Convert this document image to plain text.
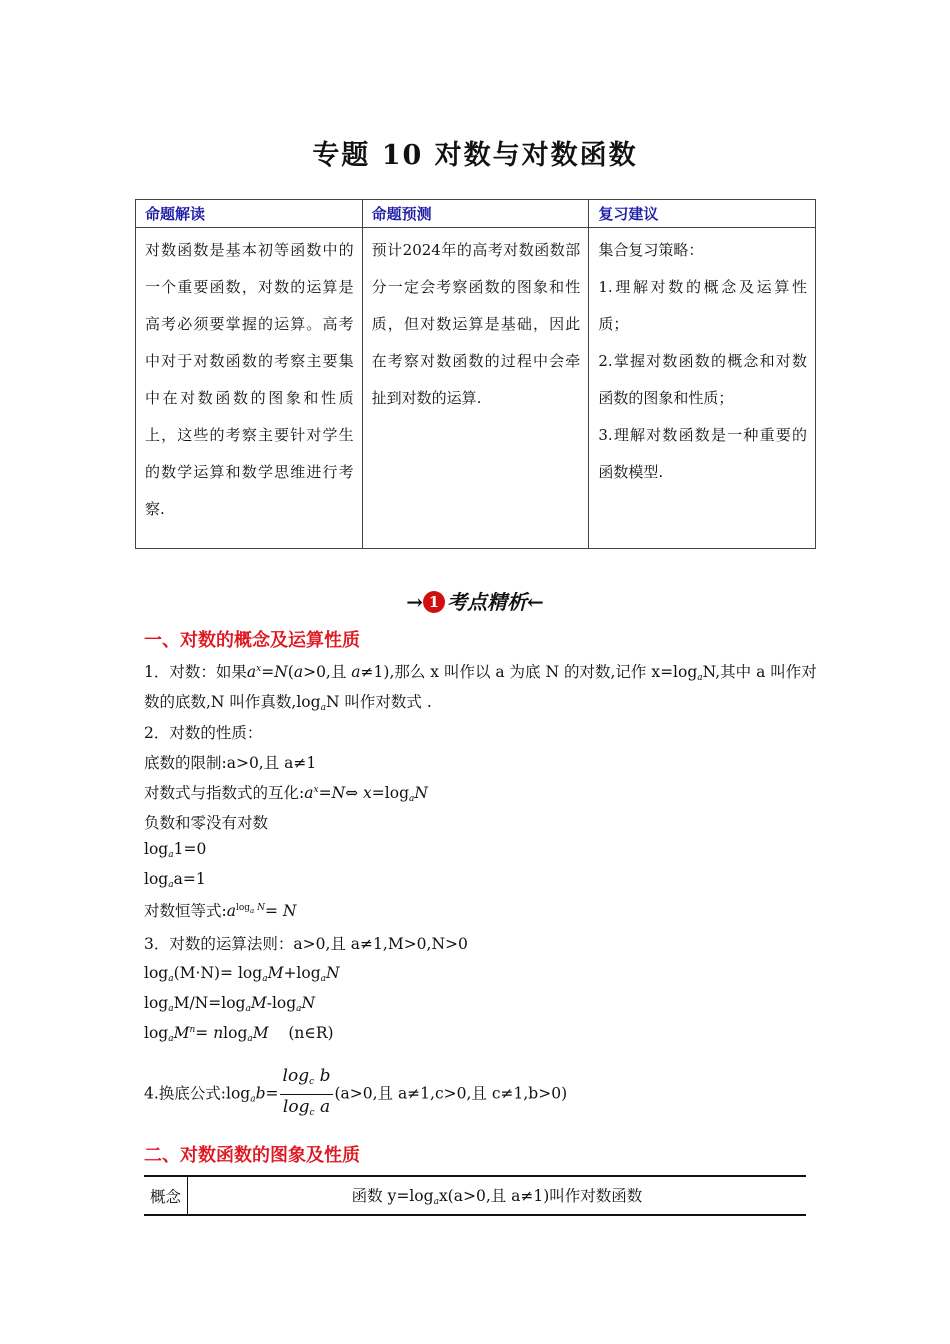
专题 10 对数与对数函数
命题解读	命题预测	复习建议
对数函数是基本初等函数中的一个重要函数，对数的运算是高考必须要掌握的运算。高考中对于对数函数的考察主要集中在对数函数的图象和性质上，这些的考察主要针对学生的数学运算和数学思维进行考察.	预计2024年的高考对数函数部分一定会考察函数的图象和性质，但对数运算是基础，因此在考察对数函数的过程中会牵扯到对数的运算.	集合复习策略：
1.理解对数的概念及运算性质；
2.掌握对数函数的概念和对数函数的图象和性质；
3.理解对数函数是一种重要的函数模型.
→ 1 考点精析←
一、对数的概念及运算性质
1．对数：如果$a^x=N(a>0$,且 a≠1),那么 x 叫作以 a 为底 N 的对数,记作 $x=\log_aN$,其中 a 叫作对
数的底数,N 叫作真数$,\log_aN$ 叫作对数式 .
2．对数的性质：
底数的限制:a>0,且 a≠1
对数式与指数式的互化$:a^x=N\Leftrightarrow$ $x=\log_aN$
负数和零没有对数
$\log_a1=0$
$\log_aa=1$
对数恒等式$:a^{log_a N}= N$
3．对数的运算法则：a>0,且 a≠1,M>0,N>0
$\log_a(M\cdot N)= \log_aM+\log_aN$
$\log_aM/N=\log_aM-\log_aN$
$\log_aM^n= nlog_aM$ (n∈R)
4.换底公式$:\log_ab= \frac{\log_c b}{\log_c a} (a>0$,且 a≠1,c>0,且 c≠1,b>0)
二、对数函数的图象及性质
概念	函数 $y=\log_ax(a>0$,且 a≠1)叫作对数函数
